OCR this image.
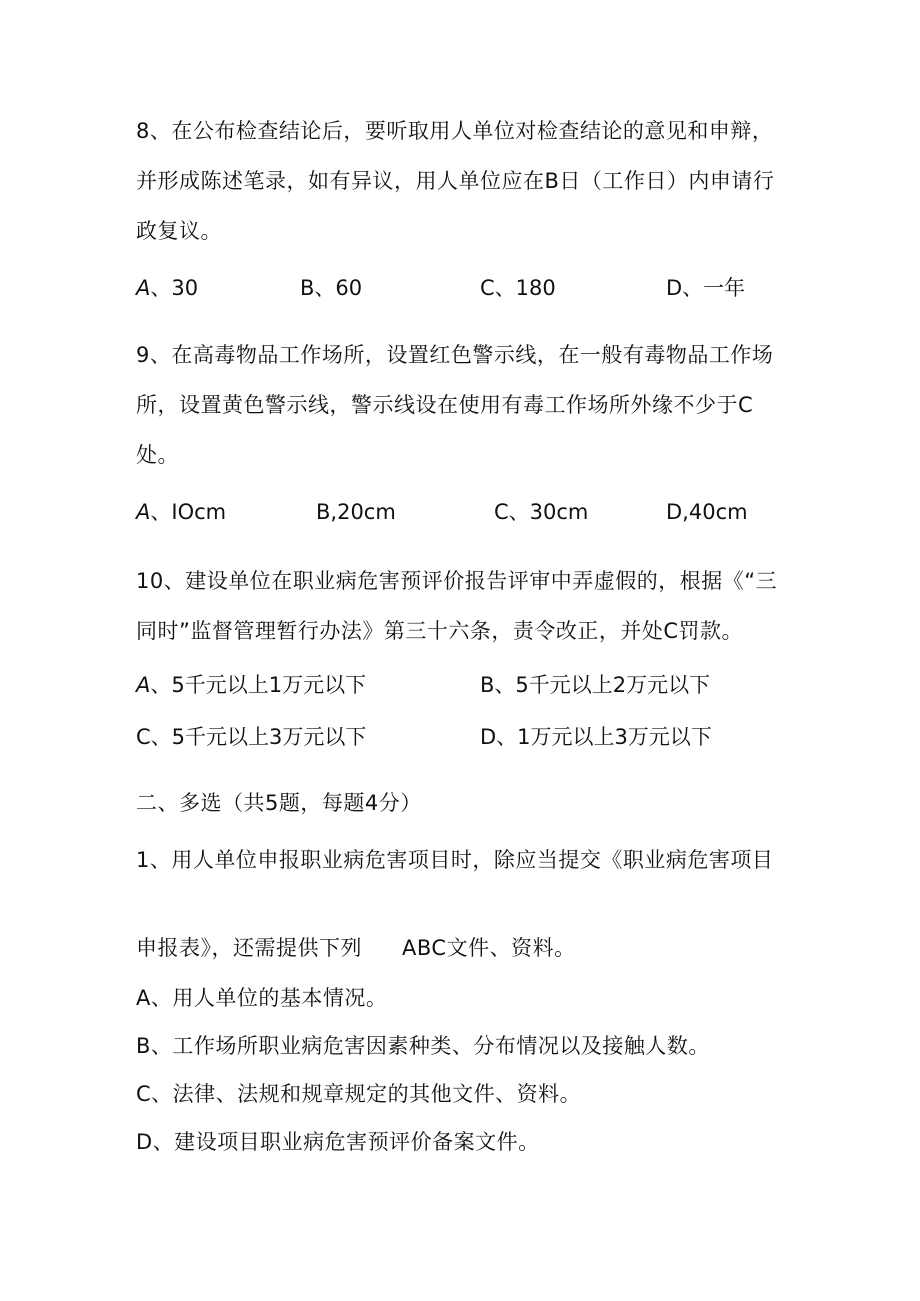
8、在公布检查结论后，要听取用人单位对检查结论的意见和申辩，
并形成陈述笔录，如有异议，用人单位应在B日（工作日）内申请行
政复议。
A、30	B、60	C、180	D、一年
9、在高毒物品工作场所，设置红色警示线，在一般有毒物品工作场
所，设置黄色警示线，警示线设在使用有毒工作场所外缘不少于C
处。
A、IOcm	B,20cm	C、30cm	D,40cm
10、建设单位在职业病危害预评价报告评审中弄虚假的，根据《“三
同时”监督管理暂行办法》第三十六条，责令改正，并处C罚款。
A、5千元以上1万元以下	B、5千元以上2万元以下
C、5千元以上3万元以下	D、1万元以上3万元以下
二、多选（共5题，每题4分）
1、用人单位申报职业病危害项目时，除应当提交《职业病危害项目
申报表》，还需提供下列 ABC文件、资料。
A、用人单位的基本情况。
B、工作场所职业病危害因素种类、分布情况以及接触人数。
C、法律、法规和规章规定的其他文件、资料。
D、建设项目职业病危害预评价备案文件。
